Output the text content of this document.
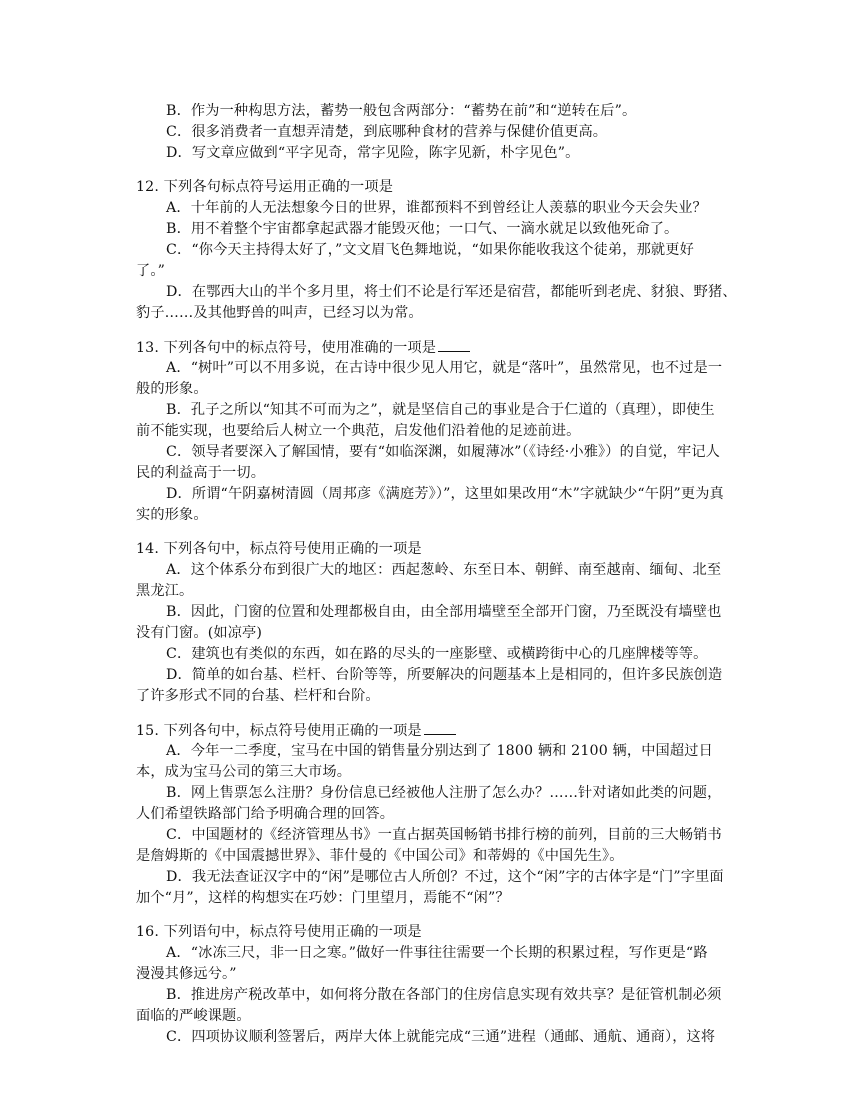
B．作为一种构思方法，蓄势一般包含两部分：“蓄势在前”和“逆转在后”。
C．很多消费者一直想弄清楚，到底哪种食材的营养与保健价值更高。
D．写文章应做到“平字见奇，常字见险，陈字见新，朴字见色”。
12. 下列各句标点符号运用正确的一项是
A．十年前的人无法想象今日的世界，谁都预料不到曾经让人羡慕的职业今天会失业？
B．用不着整个宇宙都拿起武器才能毁灭他；一口气、一滴水就足以致他死命了。
C．“你今天主持得太好了，”文文眉飞色舞地说，“如果你能收我这个徒弟，那就更好
了。”
D．在鄂西大山的半个多月里，将士们不论是行军还是宿营，都能听到老虎、豺狼、野猪、
豹子……及其他野兽的叫声，已经习以为常。
13. 下列各句中的标点符号，使用准确的一项是
A．“树叶”可以不用多说，在古诗中很少见人用它，就是“落叶”，虽然常见，也不过是一
般的形象。
B．孔子之所以“知其不可而为之”，就是坚信自己的事业是合于仁道的（真理），即使生
前不能实现，也要给后人树立一个典范，启发他们沿着他的足迹前进。
C．领导者要深入了解国情，要有“如临深渊，如履薄冰”（《诗经·小雅》）的自觉，牢记人
民的利益高于一切。
D．所谓“午阴嘉树清圆（周邦彦《满庭芳》）”，这里如果改用“木”字就缺少“午阴”更为真
实的形象。
14. 下列各句中，标点符号使用正确的一项是
A．这个体系分布到很广大的地区：西起葱岭、东至日本、朝鲜、南至越南、缅甸、北至
黑龙江。
B．因此，门窗的位置和处理都极自由，由全部用墙壁至全部开门窗，乃至既没有墙壁也
没有门窗。(如凉亭)
C．建筑也有类似的东西，如在路的尽头的一座影壁、或横跨街中心的几座牌楼等等。
D．简单的如台基、栏杆、台阶等等，所要解决的问题基本上是相同的，但许多民族创造
了许多形式不同的台基、栏杆和台阶。
15. 下列各句中，标点符号使用正确的一项是
A．今年一二季度，宝马在中国的销售量分别达到了 1800 辆和 2100 辆，中国超过日
本，成为宝马公司的第三大市场。
B．网上售票怎么注册？身份信息已经被他人注册了怎么办？……针对诸如此类的问题，
人们希望铁路部门给予明确合理的回答。
C．中国题材的《经济管理丛书》一直占据英国畅销书排行榜的前列，目前的三大畅销书
是詹姆斯的《中国震撼世界》、菲什曼的《中国公司》和蒂姆的《中国先生》。
D．我无法查证汉字中的“闲”是哪位古人所创？不过，这个“闲”字的古体字是“门”字里面
加个“月”，这样的构想实在巧妙：门里望月，焉能不“闲”？
16. 下列语句中，标点符号使用正确的一项是
A．“冰冻三尺，非一日之寒。”做好一件事往往需要一个长期的积累过程，写作更是“路
漫漫其修远兮。”
B．推进房产税改革中，如何将分散在各部门的住房信息实现有效共享？是征管机制必须
面临的严峻课题。
C．四项协议顺利签署后，两岸大体上就能完成“三通”进程（通邮、通航、通商），这将
